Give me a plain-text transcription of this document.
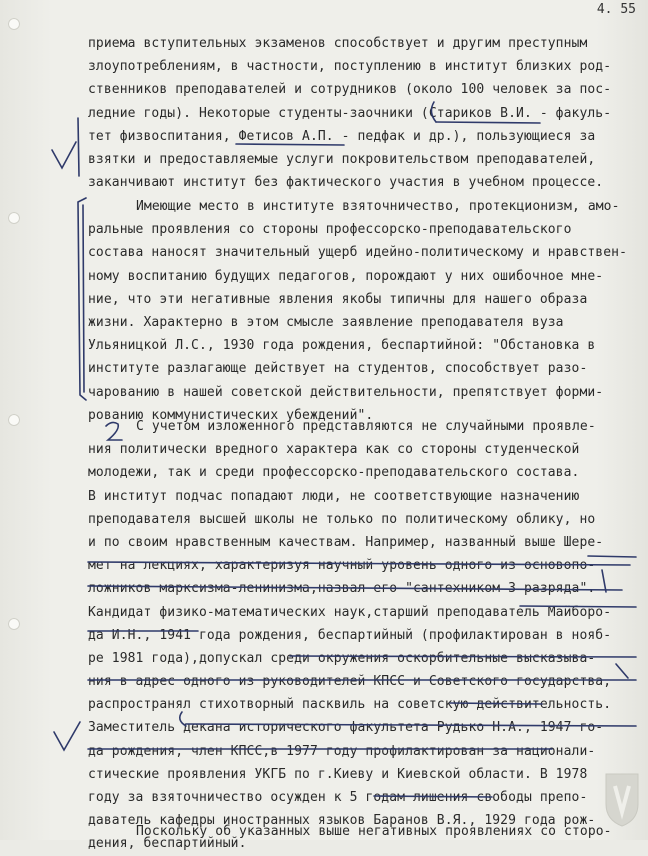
4. 55
приема вступительных экзаменов способствует и другим преступным
злоупотреблениям, в частности, поступлению в институт близких род-
ственников преподавателей и сотрудников (около 100 человек за пос-
ледние годы). Некоторые студенты-заочники (Стариков В.И. - факуль-
тет физвоспитания, Фетисов А.П. - педфак и др.), пользующиеся за
взятки и предоставляемые услуги покровительством преподавателей,
заканчивают институт без фактического участия в учебном процессе.
Имеющие место в институте взяточничество, протекционизм, амо-
ральные проявления со стороны профессорско-преподавательского
состава наносят значительный ущерб идейно-политическому и нравствен-
ному воспитанию будущих педагогов, порождают у них ошибочное мне-
ние, что эти негативные явления якобы типичны для нашего образа
жизни. Характерно в этом смысле заявление преподавателя вуза
Ульяницкой Л.С., 1930 года рождения, беспартийной: "Обстановка в
институте разлагающе действует на студентов, способствует разо-
чарованию в нашей советской действительности, препятствует форми-
рованию коммунистических убеждений".
С учетом изложенного представляются не случайными проявле-
ния политически вредного характера как со стороны студенческой
молодежи, так и среди профессорско-преподавательского состава.
В институт подчас попадают люди, не соответствующие назначению
преподавателя высшей школы не только по политическому облику, но
и по своим нравственным качествам. Например, названный выше Шере-
мет на лекциях, характеризуя научный уровень одного из основопо-
ложников марксизма-ленинизма,назвал его "сантехником 3 разряда".
Кандидат физико-математических наук,старший преподаватель Майборо-
да И.Н., 1941 года рождения, беспартийный (профилактирован в нояб-
ре 1981 года),допускал среди окружения оскорбительные высказыва-
ния в адрес одного из руководителей КПСС и Советского государства,
распространял стихотворный пасквиль на советскую действительность.
Заместитель декана исторического факультета Рудько Н.А., 1947 го-
да рождения, член КПСС,в 1977 году профилактирован за национали-
стические проявления УКГБ по г.Киеву и Киевской области. В 1978
году за взяточничество осужден к 5 годам лишения свободы препо-
даватель кафедры иностранных языков Баранов В.Я., 1929 года рож-
дения, беспартийный.
Поскольку об указанных выше негативных проявлениях со сторо-
